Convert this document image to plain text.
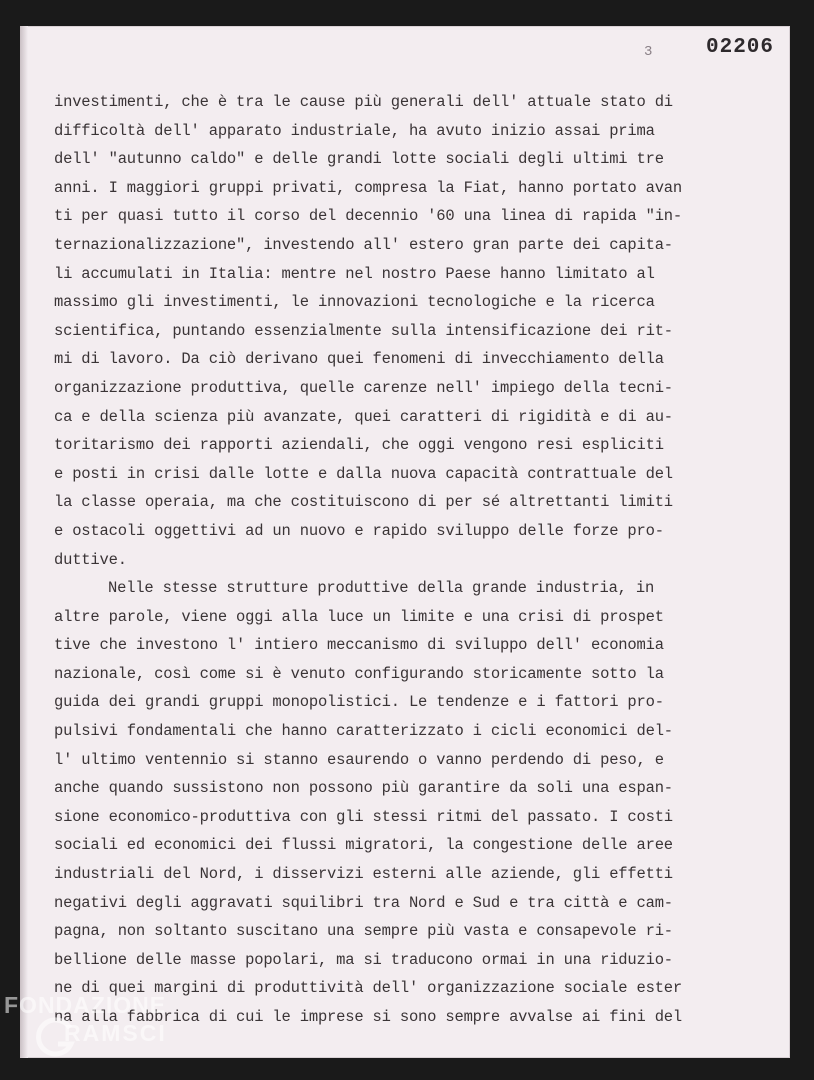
3	02206
investimenti, che è tra le cause più generali dell' attuale stato di
difficoltà dell' apparato industriale, ha avuto inizio assai prima
dell' "autunno caldo" e delle grandi lotte sociali degli ultimi tre
anni. I maggiori gruppi privati, compresa la Fiat, hanno portato avan
ti per quasi tutto il corso del decennio '60 una linea di rapida "in-
ternazionalizzazione", investendo all' estero gran parte dei capita-
li accumulati in Italia: mentre nel nostro Paese hanno limitato al
massimo gli investimenti, le innovazioni tecnologiche e la ricerca
scientifica, puntando essenzialmente sulla intensificazione dei rit-
mi di lavoro. Da ciò derivano quei fenomeni di invecchiamento della
organizzazione produttiva, quelle carenze nell' impiego della tecni-
ca e della scienza più avanzate, quei caratteri di rigidità e di au-
toritarismo dei rapporti aziendali, che oggi vengono resi espliciti
e posti in crisi dalle lotte e dalla nuova capacità contrattuale del
la classe operaia, ma che costituiscono di per sé altrettanti limiti
e ostacoli oggettivi ad un nuovo e rapido sviluppo delle forze pro-
duttive.
Nelle stesse strutture produttive della grande industria, in
altre parole, viene oggi alla luce un limite e una crisi di prospet
tive che investono l' intiero meccanismo di sviluppo dell' economia
nazionale, così come si è venuto configurando storicamente sotto la
guida dei grandi gruppi monopolistici. Le tendenze e i fattori pro-
pulsivi fondamentali che hanno caratterizzato i cicli economici del-
l' ultimo ventennio si stanno esaurendo o vanno perdendo di peso, e
anche quando sussistono non possono più garantire da soli una espan-
sione economico-produttiva con gli stessi ritmi del passato. I costi
sociali ed economici dei flussi migratori, la congestione delle aree
industriali del Nord, i disservizi esterni alle aziende, gli effetti
negativi degli aggravati squilibri tra Nord e Sud e tra città e cam-
pagna, non soltanto suscitano una sempre più vasta e consapevole ri-
bellione delle masse popolari, ma si traducono ormai in una riduzio-
ne di quei margini di produttività dell' organizzazione sociale ester
na alla fabbrica di cui le imprese si sono sempre avvalse ai fini del
FONDAZIONE
RAMSCI
